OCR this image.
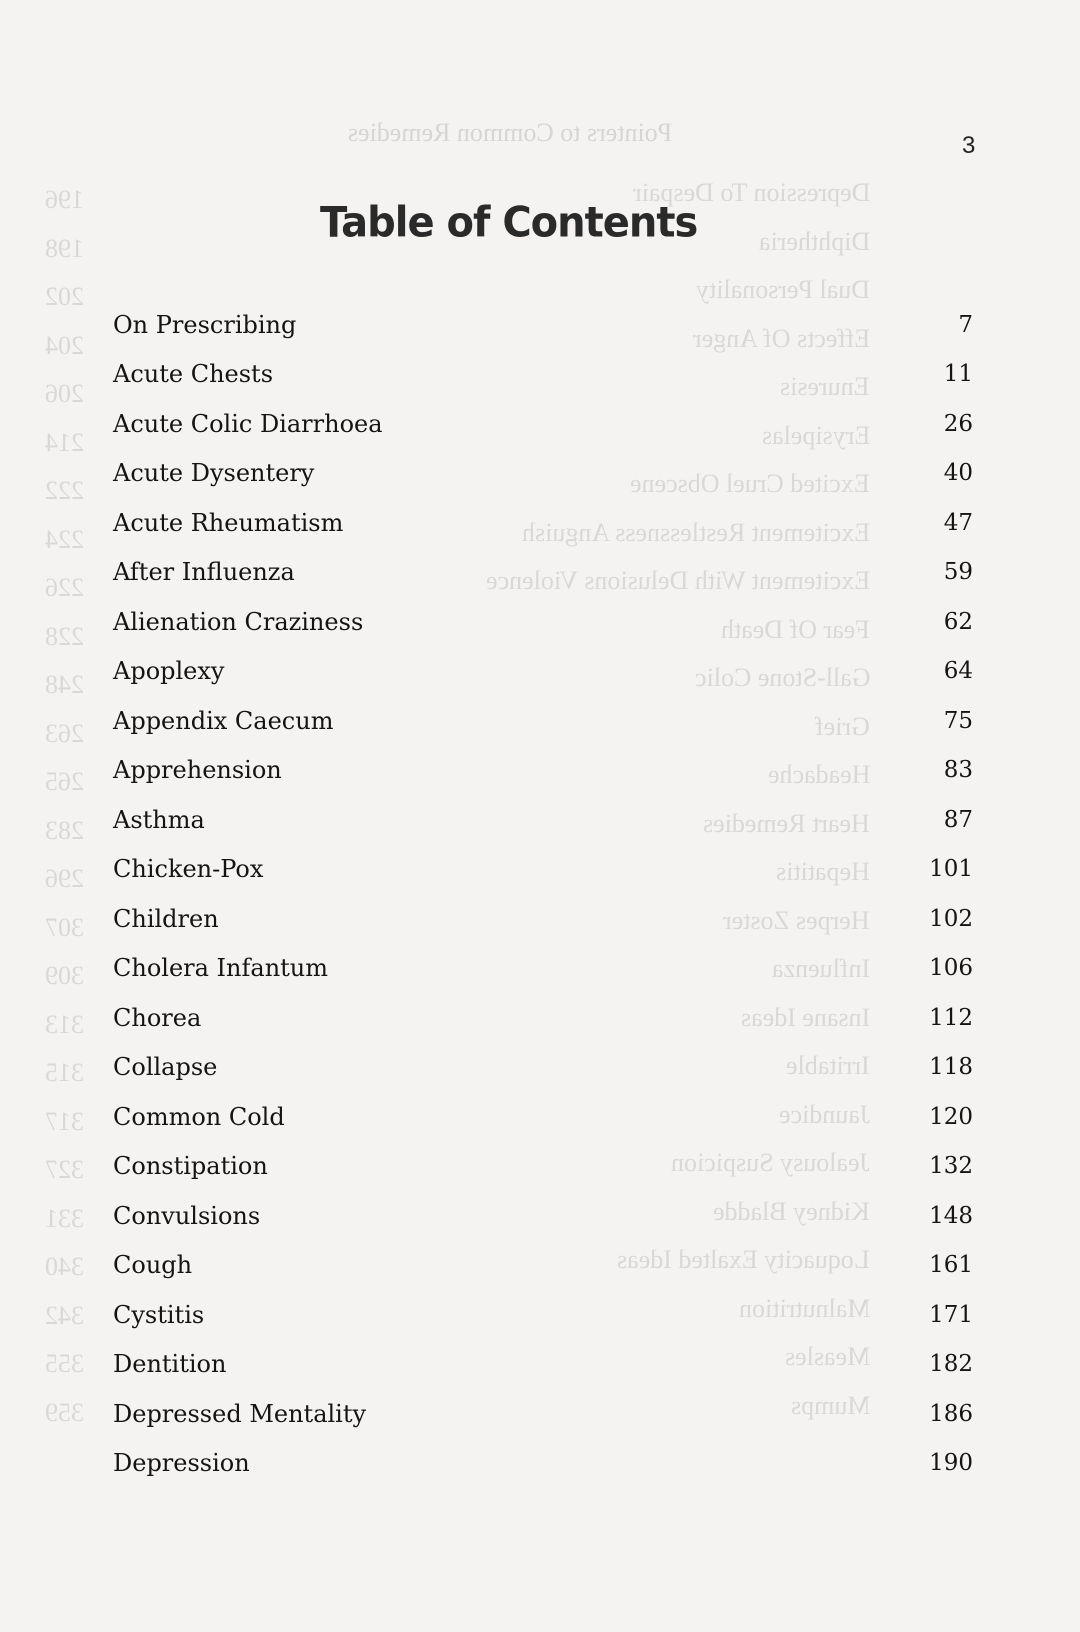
Depression To Despair
Diphtheria
Dual Personality
Effects Of Anger
Enuresis
Erysipelas
Excited Cruel Obscene
Excitement Restlessness Anguish
Excitement With Delusions Violence
Fear Of Death
Gall-Stone Colic
Grief
Headache
Heart Remedies
Hepatitis
Herpes Zoster
Influenza
Insane Ideas
Irritable
Jaundice
Jealousy Suspicion
Kidney Bladde
Loquacity Exalted Ideas
Malnutrition
Measles
Mumps
196
198
202
204
206
214
222
224
226
228
248
263
265
283
296
307
309
313
315
317
327
331
340
342
355
359
Pointers to Common Remedies	3
Table of Contents
On Prescribing	7
Acute Chests	11
Acute Colic Diarrhoea	26
Acute Dysentery	40
Acute Rheumatism	47
After Influenza	59
Alienation Craziness	62
Apoplexy	64
Appendix Caecum	75
Apprehension	83
Asthma	87
Chicken-Pox	101
Children	102
Cholera Infantum	106
Chorea	112
Collapse	118
Common Cold	120
Constipation	132
Convulsions	148
Cough	161
Cystitis	171
Dentition	182
Depressed Mentality	186
Depression	190
